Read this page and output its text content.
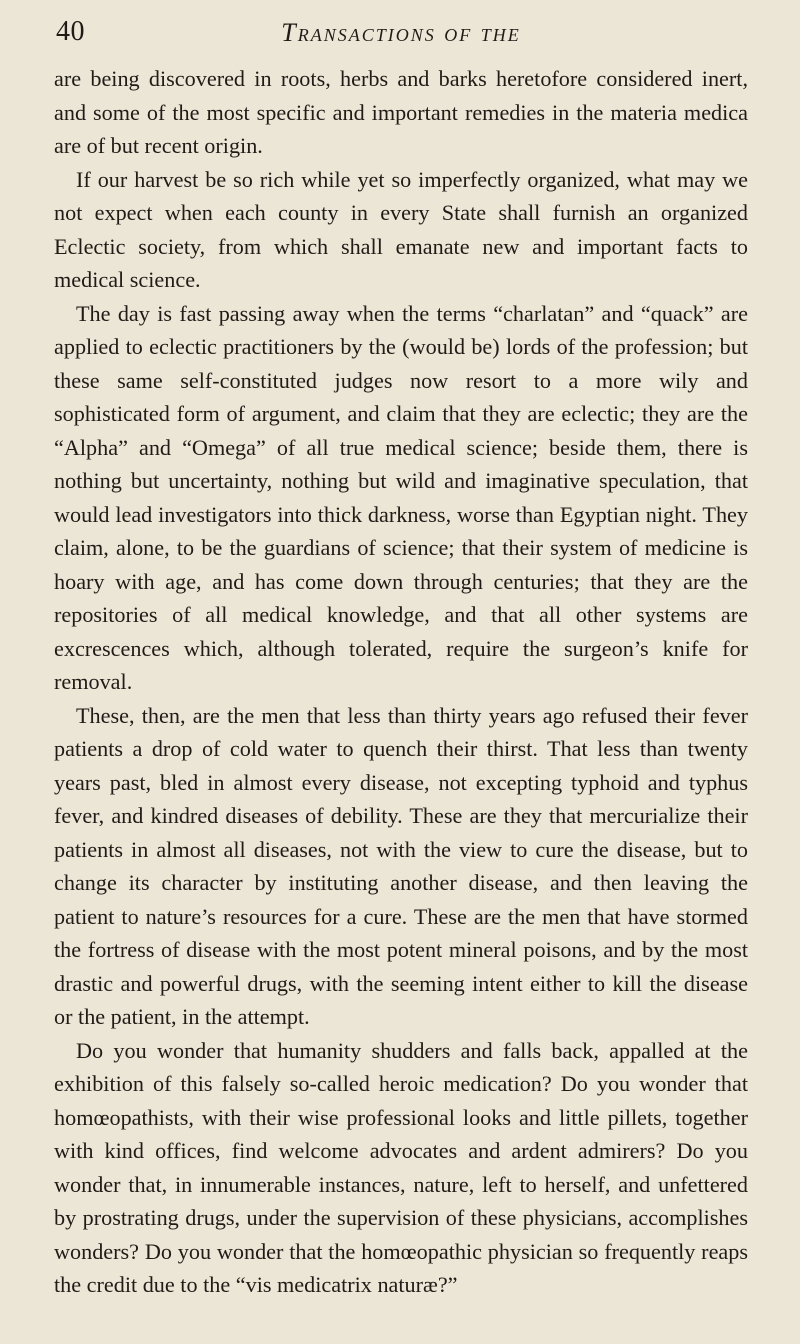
40	Transactions of the

are being discovered in roots, herbs and barks heretofore considered inert, and some of the most specific and important remedies in the materia medica are of but recent origin.

If our harvest be so rich while yet so imperfectly organized, what may we not expect when each county in every State shall furnish an organized Eclectic society, from which shall emanate new and important facts to medical science.

The day is fast passing away when the terms “charlatan” and “quack” are applied to eclectic practitioners by the (would be) lords of the profession; but these same self-constituted judges now resort to a more wily and sophisticated form of argument, and claim that they are eclectic; they are the “Alpha” and “Omega” of all true medical science; beside them, there is nothing but uncertainty, nothing but wild and imaginative speculation, that would lead investigators into thick darkness, worse than Egyptian night. They claim, alone, to be the guardians of science; that their system of medicine is hoary with age, and has come down through centuries; that they are the repositories of all medical knowledge, and that all other systems are excrescences which, although tolerated, require the surgeon’s knife for removal.

These, then, are the men that less than thirty years ago refused their fever patients a drop of cold water to quench their thirst. That less than twenty years past, bled in almost every disease, not excepting typhoid and typhus fever, and kindred diseases of debility. These are they that mercurialize their patients in almost all diseases, not with the view to cure the disease, but to change its character by instituting another disease, and then leaving the patient to nature’s resources for a cure. These are the men that have stormed the fortress of disease with the most potent mineral poisons, and by the most drastic and powerful drugs, with the seeming intent either to kill the disease or the patient, in the attempt.

Do you wonder that humanity shudders and falls back, appalled at the exhibition of this falsely so-called heroic medication? Do you wonder that homœopathists, with their wise professional looks and little pillets, together with kind offices, find welcome advocates and ardent admirers? Do you wonder that, in innumerable instances, nature, left to herself, and unfettered by prostrating drugs, under the supervision of these physicians, accomplishes wonders? Do you wonder that the homœopathic physician so frequently reaps the credit due to the “vis medicatrix naturæ?”
